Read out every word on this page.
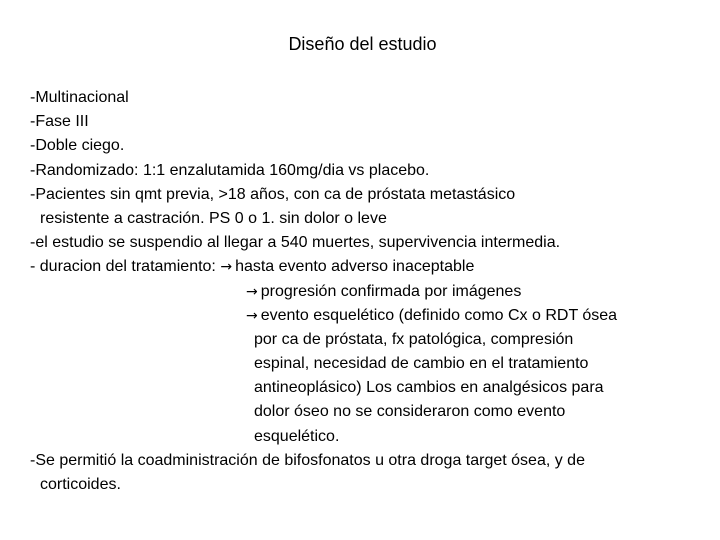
Diseño del estudio
-Multinacional
-Fase III
-Doble ciego.
-Randomizado: 1:1 enzalutamida 160mg/dia vs placebo.
-Pacientes sin qmt previa, >18 años, con ca de próstata metastásico
resistente a castración. PS 0 o 1. sin dolor o leve
-el estudio se suspendio al llegar a 540 muertes, supervivencia intermedia.
- duracion del tratamiento: → hasta evento adverso inaceptable
→ progresión confirmada por imágenes
→ evento esquelético (definido como Cx o RDT ósea
por ca de próstata, fx patológica, compresión
espinal, necesidad de cambio en el tratamiento
antineoplásico) Los cambios en analgésicos para
dolor óseo no se consideraron como evento
esquelético.
-Se permitió la coadministración de bifosfonatos u otra droga target ósea, y de
corticoides.
